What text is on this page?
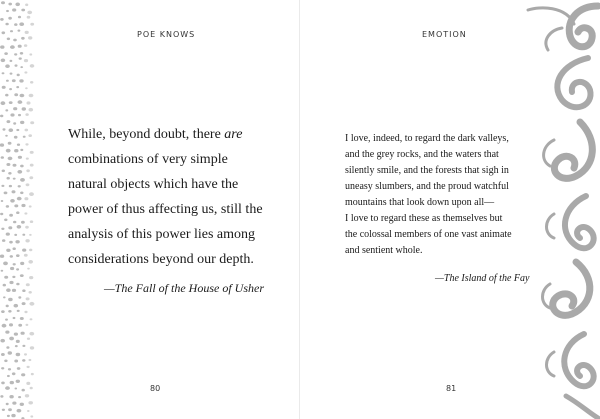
POE KNOWS
While, beyond doubt, there are
combinations of very simple
natural objects which have the
power of thus affecting us, still the
analysis of this power lies among
considerations beyond our depth.
—The Fall of the House of Usher
80
EMOTION
I love, indeed, to regard the dark valleys,
and the grey rocks, and the waters that
silently smile, and the forests that sigh in
uneasy slumbers, and the proud watchful
mountains that look down upon all—
I love to regard these as themselves but
the colossal members of one vast animate
and sentient whole.
—The Island of the Fay
81
